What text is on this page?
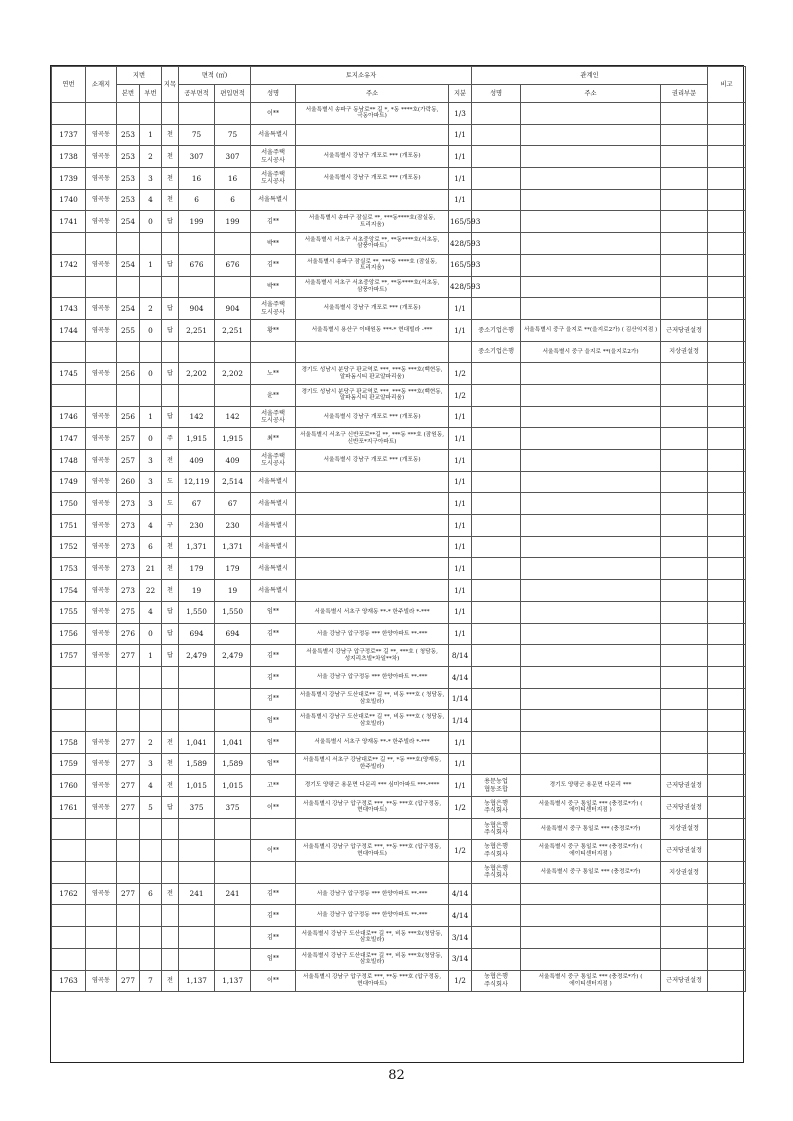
연번	소재지	지번		지목	면적 (㎡)		토지소유자			관계인			비고
		본번	부번		공부면적	편입면적	성명	주소	지분	성명	주소	권리부문	
							이**	서울특별시 송파구 동남로** 길 *, *동 ****호(가락동,극동아파트)	1/3				
1737	염곡동	253	1	천	75	75	서울특별시		1/1				
1738	염곡동	253	2	천	307	307	서울주택 도시공사	서울특별시 강남구 개포로 *** (개포동)	1/1				
1739	염곡동	253	3	천	16	16	서울주택 도시공사	서울특별시 강남구 개포로 *** (개포동)	1/1				
1740	염곡동	253	4	천	6	6	서울특별시		1/1				
1741	염곡동	254	0	답	199	199	김**	서울특별시 송파구 잠실로 **, ***동****호(잠실동,트리지움)	165/593				
							박**	서울특별시 서초구 서초중앙로 **, **동****호(서초동,삼풍아파트)	428/593				
1742	염곡동	254	1	답	676	676	김**	서울특별시 송파구 잠실로 **, ***동 ****호 (잠실동,트리지움)	165/593				
							박**	서울특별시 서초구 서초중앙로 **, **동****호(서초동,삼풍아파트)	428/593				
1743	염곡동	254	2	답	904	904	서울주택 도시공사	서울특별시 강남구 개포로 *** (개포동)	1/1				
1744	염곡동	255	0	답	2,251	2,251	황**	서울특별시 용산구 이태원동 ***-* 현대빌라 -***	1/1	중소기업은행	서울특별시 중구 을지로 **(을지로2가) ( 김산익지점 )	근저당권설정	
										중소기업은행	서울특별시 중구 을지로 **(을지로2가)	지상권설정	
1745	염곡동	256	0	답	2,202	2,202	노**	경기도 성남시 분당구 판교역로 ***, ***동 ***호(백현동,알파돔시티 판교알파리움)	1/2				
							윤**	경기도 성남시 분당구 판교역로 ***, ***동 ***호(백현동,알파돔시티 판교알파리움)	1/2				
1746	염곡동	256	1	답	142	142	서울주택 도시공사	서울특별시 강남구 개포로 *** (개포동)	1/1				
1747	염곡동	257	0	주	1,915	1,915	최**	서울특별시 서초구 신반포로**길 **, ***동 ***호 (잠원동,신반포*지구아파트)	1/1				
1748	염곡동	257	3	전	409	409	서울주택 도시공사	서울특별시 강남구 개포로 *** (개포동)	1/1				
1749	염곡동	260	3	도	12,119	2,514	서울특별시		1/1				
1750	염곡동	273	3	도	67	67	서울특별시		1/1				
1751	염곡동	273	4	구	230	230	서울특별시		1/1				
1752	염곡동	273	6	천	1,371	1,371	서울특별시		1/1				
1753	염곡동	273	21	천	179	179	서울특별시		1/1				
1754	염곡동	273	22	천	19	19	서울특별시		1/1				
1755	염곡동	275	4	답	1,550	1,550	임**	서울특별시 서초구 양재동 **-* 한주빌라 *-***	1/1				
1756	염곡동	276	0	답	694	694	김**	서울 강남구 압구정동 *** 한양아파트 **-***	1/1				
1757	염곡동	277	1	답	2,479	2,479	김**	서울특별시 강남구 압구정로** 길 **, ***호 ( 청담동, 성지리츠빌*차일**차)	8/14				
							김**	서울 강남구 압구정동 *** 한양아파트 **-***	4/14				
							김**	서울특별시 강남구 도산대로** 길 **, 비동 ***호 ( 청담동,삼호빌라)	1/14				
							임**	서울특별시 강남구 도산대로** 길 **, 비동 ***호 ( 청담동,삼호빌라)	1/14				
1758	염곡동	277	2	전	1,041	1,041	임**	서울특별시 서초구 양재동 **-* 한주빌라 *-***	1/1				
1759	염곡동	277	3	천	1,589	1,589	임**	서울특별시 서초구 강남대로** 길 **, *동 ***호(양재동,한주빌라)	1/1				
1760	염곡동	277	4	전	1,015	1,015	고**	경기도 양평군 용문면 다문리 *** 심미아파트 ***-****	1/1	용문농업 협동조합	경기도 양평군 용문면 다문리 ***	근저당권설정	
1761	염곡동	277	5	답	375	375	이**	서울특별시 강남구 압구정로 ***, **동 ***호 (압구정동,현대아파트)	1/2	농협은행 주식회사	서울특별시 중구 통일로 *** (충정로*가) ( 에이티센터지점 )	근저당권설정	
										농협은행 주식회사	서울특별시 중구 통일로 *** (충정로*가)	지상권설정	
							이**	서울특별시 강남구 압구정로 ***, **동 ***호 (압구정동,현대아파트)	1/2	농협은행 주식회사	서울특별시 중구 통일로 *** (충정로*가) ( 에이티센터지점 )	근저당권설정	
										농협은행 주식회사	서울특별시 중구 통일로 *** (충정로*가)	지상권설정	
1762	염곡동	277	6	전	241	241	김**	서울 강남구 압구정동 *** 한양아파트 **-***	4/14				
							김**	서울 강남구 압구정동 *** 한양아파트 **-***	4/14				
							김**	서울특별시 강남구 도산대로** 길 **, 비동 ***호(청담동, 삼호빌라)	3/14				
							임**	서울특별시 강남구 도산대로** 길 **, 비동 ***호(청담동, 삼호빌라)	3/14				
1763	염곡동	277	7	전	1,137	1,137	이**	서울특별시 강남구 압구정로 ***, **동 ***호 (압구정동,현대아파트)	1/2	농협은행 주식회사	서울특별시 중구 통일로 *** (충정로*가) ( 에이티센터지점 )	근저당권설정	
82
